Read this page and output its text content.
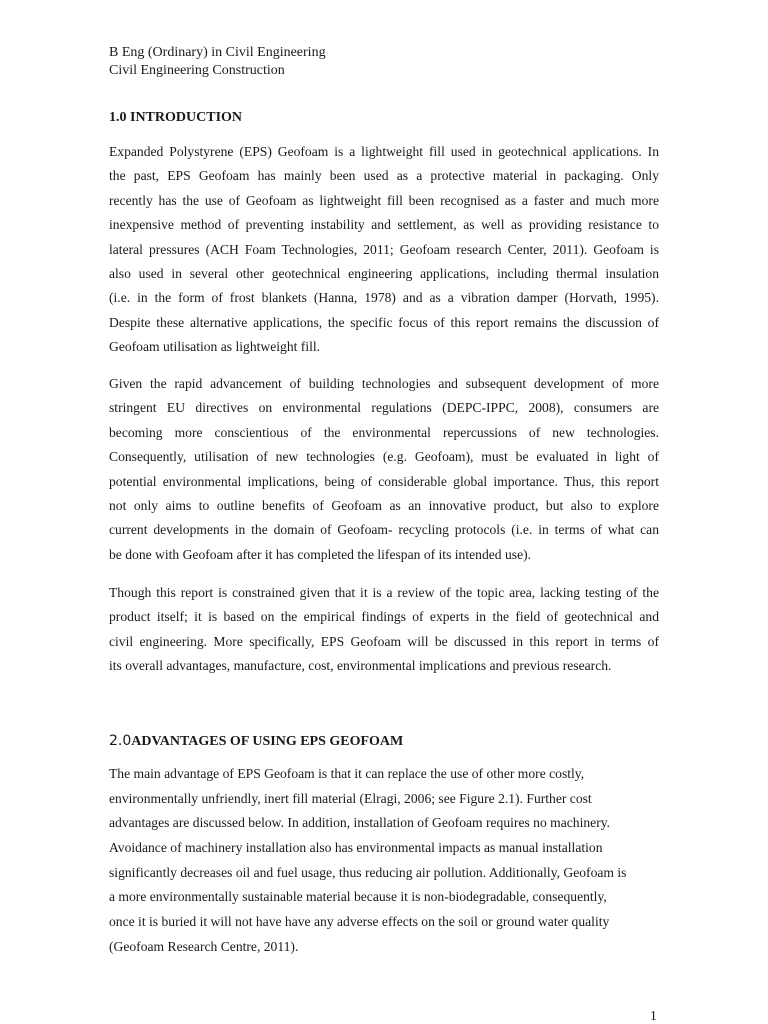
B Eng (Ordinary) in Civil Engineering
Civil Engineering Construction
1.0 INTRODUCTION
Expanded Polystyrene (EPS) Geofoam is a lightweight fill used in geotechnical applications. In
the past, EPS Geofoam has mainly been used as a protective material in packaging. Only
recently has the use of Geofoam as lightweight fill been recognised as a faster and much more
inexpensive method of preventing instability and settlement, as well as providing resistance to
lateral pressures (ACH Foam Technologies, 2011; Geofoam research Center, 2011). Geofoam is
also used in several other geotechnical engineering applications, including thermal insulation
(i.e. in the form of frost blankets (Hanna, 1978) and as a vibration damper (Horvath, 1995).
Despite these alternative applications, the specific focus of this report remains the discussion of
Geofoam utilisation as lightweight fill.
Given the rapid advancement of building technologies and subsequent development of more
stringent EU directives on environmental regulations (DEPC-IPPC, 2008), consumers are
becoming more conscientious of the environmental repercussions of new technologies.
Consequently, utilisation of new technologies (e.g. Geofoam), must be evaluated in light of
potential environmental implications, being of considerable global importance. Thus, this report
not only aims to outline benefits of Geofoam as an innovative product, but also to explore
current developments in the domain of Geofoam- recycling protocols (i.e. in terms of what can
be done with Geofoam after it has completed the lifespan of its intended use).
Though this report is constrained given that it is a review of the topic area, lacking testing of the
product itself; it is based on the empirical findings of experts in the field of geotechnical and
civil engineering. More specifically, EPS Geofoam will be discussed in this report in terms of
its overall advantages, manufacture, cost, environmental implications and previous research.
2.0ADVANTAGES OF USING EPS GEOFOAM
The main advantage of EPS Geofoam is that it can replace the use of other more costly,
environmentally unfriendly, inert fill material (Elragi, 2006; see Figure 2.1). Further cost
advantages are discussed below. In addition, installation of Geofoam requires no machinery.
Avoidance of machinery installation also has environmental impacts as manual installation
significantly decreases oil and fuel usage, thus reducing air pollution. Additionally, Geofoam is
a more environmentally sustainable material because it is non-biodegradable, consequently,
once it is buried it will not have have any adverse effects on the soil or ground water quality
(Geofoam Research Centre, 2011).
1
